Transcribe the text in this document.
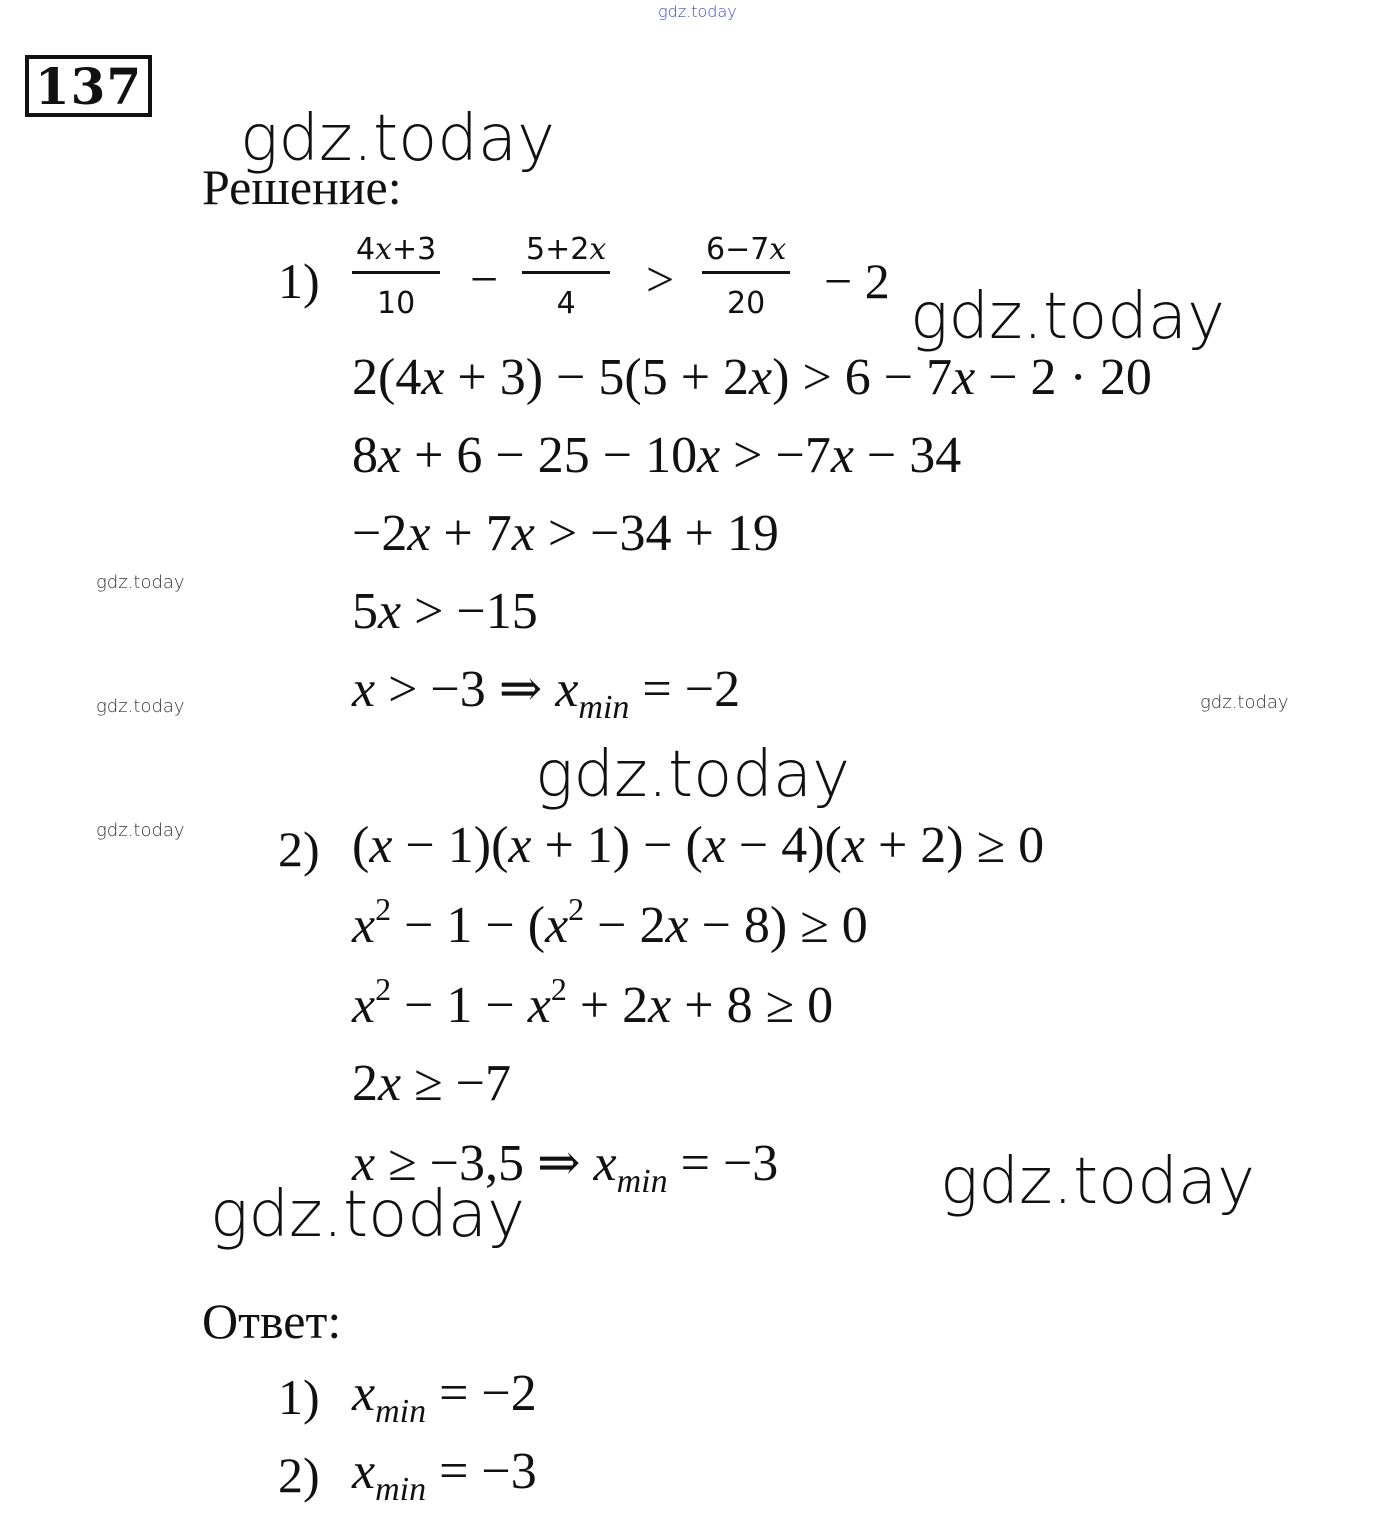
gdz.today
137
gdz.today
gdz.today
gdz.today
gdz.today
gdz.today
gdz.today
gdz.today
gdz.today
gdz.today
Решение:
1)
4x+3
10 −
5+2x
4 >
6−7x
20 − 2
2(4x + 3) − 5(5 + 2x) > 6 − 7x − 2 · 20
8x + 6 − 25 − 10x > −7x − 34
−2x + 7x > −34 + 19
5x > −15
x > −3 ⇒ $x_{min} = -2$
2) (x − 1)(x + 1) − (x − 4)(x + 2) ≥ 0
$x^2 - 1 - (x^2 - 2x - 8) \ge 0$
$x^2 - 1 - x^2 + 2x + 8 \ge 0$
2x ≥ −7
x ≥ −3,5 ⇒ $x_{min} = -3$
Ответ:
1) $x_{min} = -2$
2) $x_{min} = -3$
